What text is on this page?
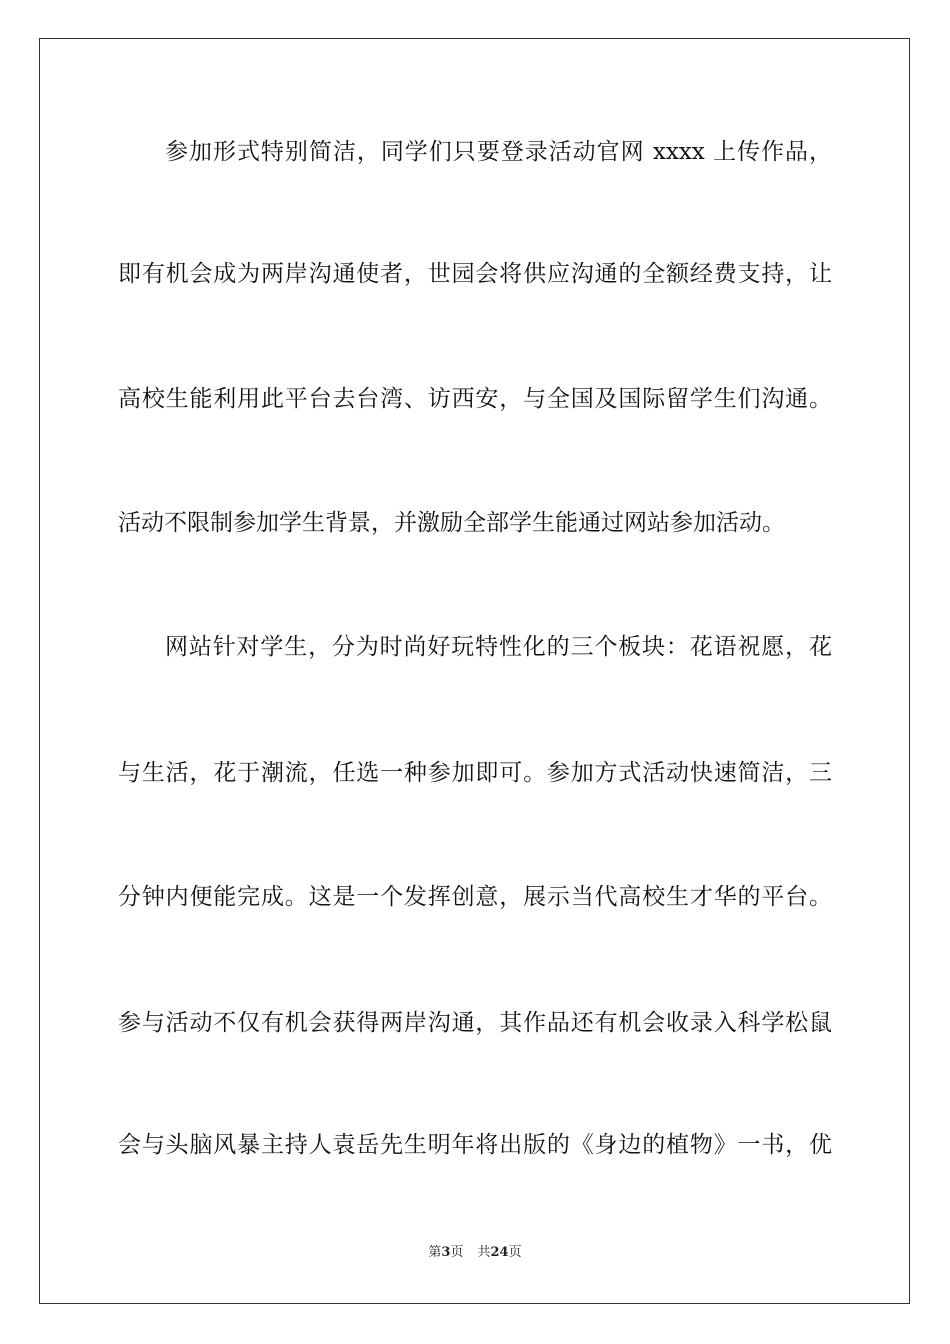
参加形式特别简洁，同学们只要登录活动官网 xxxx 上传作品，
即有机会成为两岸沟通使者，世园会将供应沟通的全额经费支持，让
高校生能利用此平台去台湾、访西安，与全国及国际留学生们沟通。
活动不限制参加学生背景，并激励全部学生能通过网站参加活动。
网站针对学生，分为时尚好玩特性化的三个板块：花语祝愿，花
与生活，花于潮流，任选一种参加即可。参加方式活动快速简洁，三
分钟内便能完成。这是一个发挥创意，展示当代高校生才华的平台。
参与活动不仅有机会获得两岸沟通，其作品还有机会收录入科学松鼠
会与头脑风暴主持人袁岳先生明年将出版的《身边的植物》一书，优
第3页 共24页
